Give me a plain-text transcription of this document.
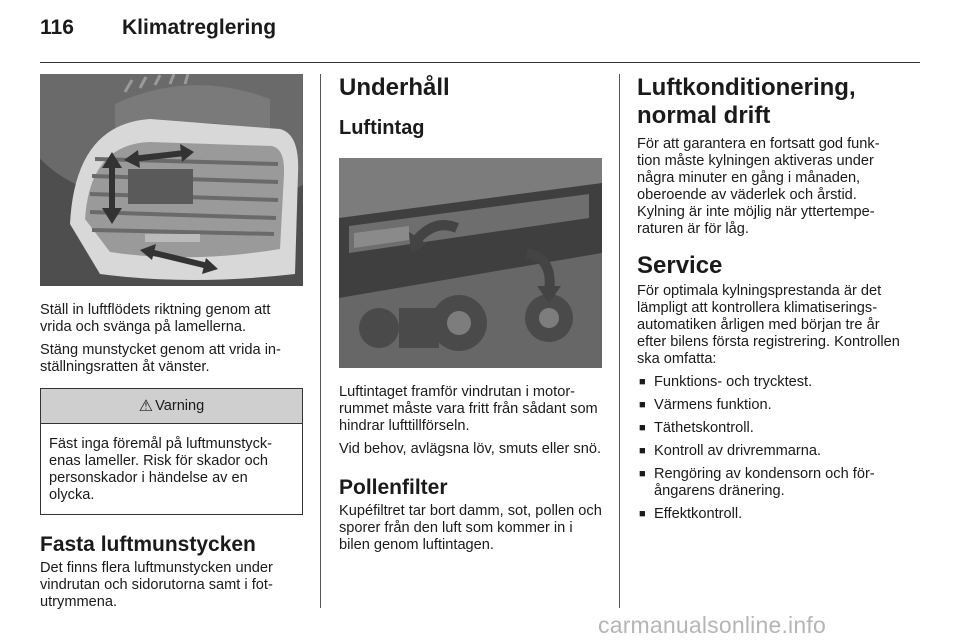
116 Klimatreglering

Ställ in luftflödets riktning genom att vrida och svänga på lamellerna.

Stäng munstycket genom att vrida in-ställningsratten åt vänster.

⚠ Varning

Fäst inga föremål på luftmunstyck-enas lameller. Risk för skador och personskador i händelse av en olycka.

Fasta luftmunstycken

Det finns flera luftmunstycken under vindrutan och sidorutorna samt i fot-utrymmena.

Underhåll
Luftintag

Luftintaget framför vindrutan i motor-rummet måste vara fritt från sådant som hindrar lufttillförseln.

Vid behov, avlägsna löv, smuts eller snö.

Pollenfilter

Kupéfiltret tar bort damm, sot, pollen och sporer från den luft som kommer in i bilen genom luftintagen.

Luftkonditionering, normal drift

För att garantera en fortsatt god funk-tion måste kylningen aktiveras under några minuter en gång i månaden, oberoende av väderlek och årstid. Kylning är inte möjlig när yttertempe-raturen är för låg.

Service

För optimala kylningsprestanda är det lämpligt att kontrollera klimatiserings-automatiken årligen med början tre år efter bilens första registrering. Kontrollen ska omfatta:

■ Funktions- och trycktest.
■ Värmens funktion.
■ Täthetskontroll.
■ Kontroll av drivremmarna.
■ Rengöring av kondensorn och för-ångarens dränering.
■ Effektkontroll.
carmanualsonline.info
